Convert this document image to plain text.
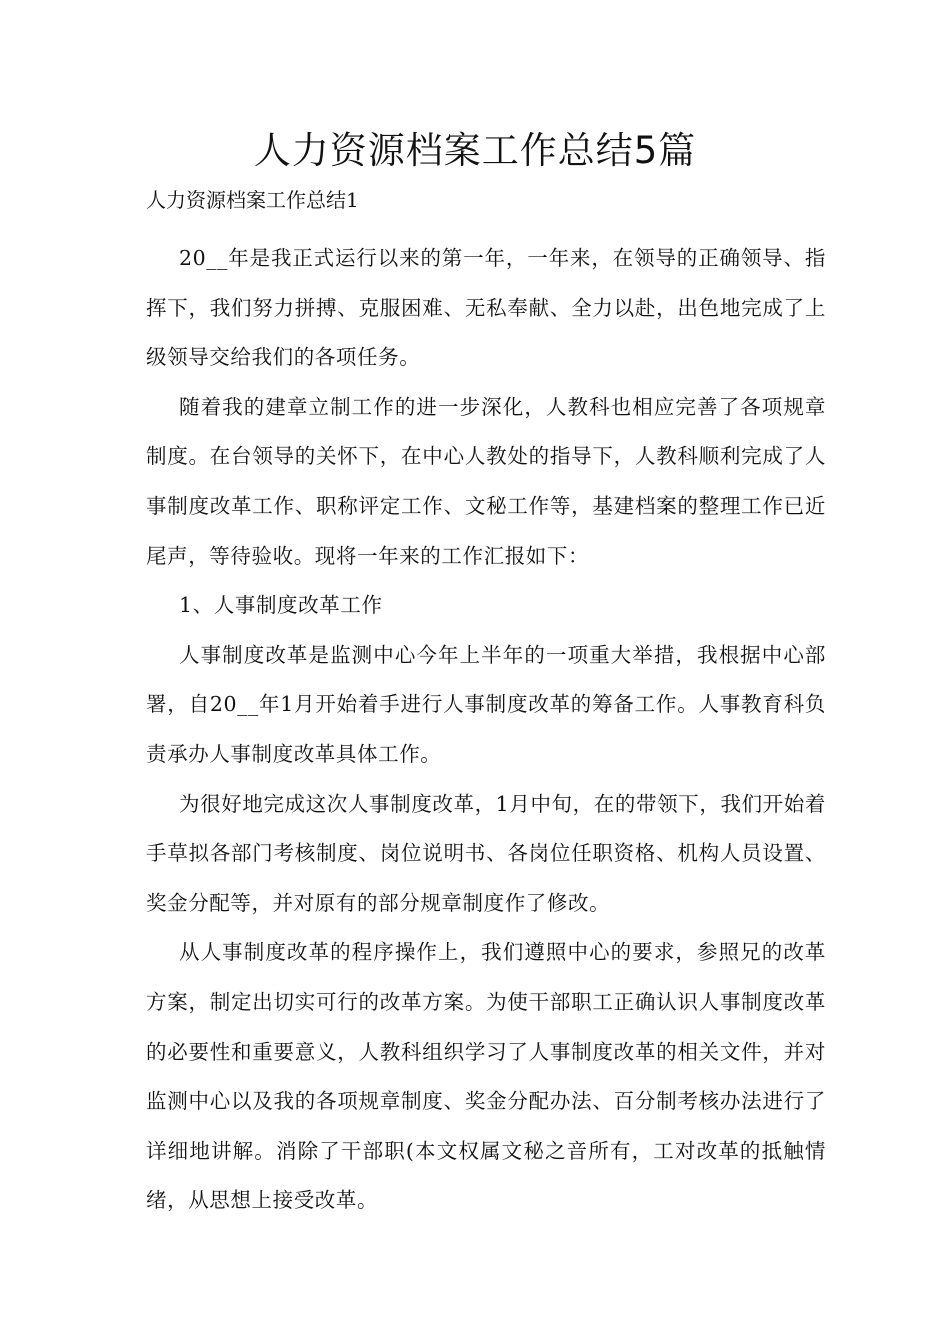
人力资源档案工作总结5篇

人力资源档案工作总结1

20__年是我正式运行以来的第一年，一年来，在领导的正确领导、指挥下，我们努力拼搏、克服困难、无私奉献、全力以赴，出色地完成了上级领导交给我们的各项任务。

随着我的建章立制工作的进一步深化，人教科也相应完善了各项规章制度。在台领导的关怀下，在中心人教处的指导下，人教科顺利完成了人事制度改革工作、职称评定工作、文秘工作等，基建档案的整理工作已近尾声，等待验收。现将一年来的工作汇报如下：

1、人事制度改革工作

人事制度改革是监测中心今年上半年的一项重大举措，我根据中心部署，自20__年1月开始着手进行人事制度改革的筹备工作。人事教育科负责承办人事制度改革具体工作。

为很好地完成这次人事制度改革，1月中旬，在的带领下，我们开始着手草拟各部门考核制度、岗位说明书、各岗位任职资格、机构人员设置、奖金分配等，并对原有的部分规章制度作了修改。

从人事制度改革的程序操作上，我们遵照中心的要求，参照兄的改革方案，制定出切实可行的改革方案。为使干部职工正确认识人事制度改革的必要性和重要意义，人教科组织学习了人事制度改革的相关文件，并对监测中心以及我的各项规章制度、奖金分配办法、百分制考核办法进行了详细地讲解。消除了干部职(本文权属文秘之音所有，工对改革的抵触情绪，从思想上接受改革。
